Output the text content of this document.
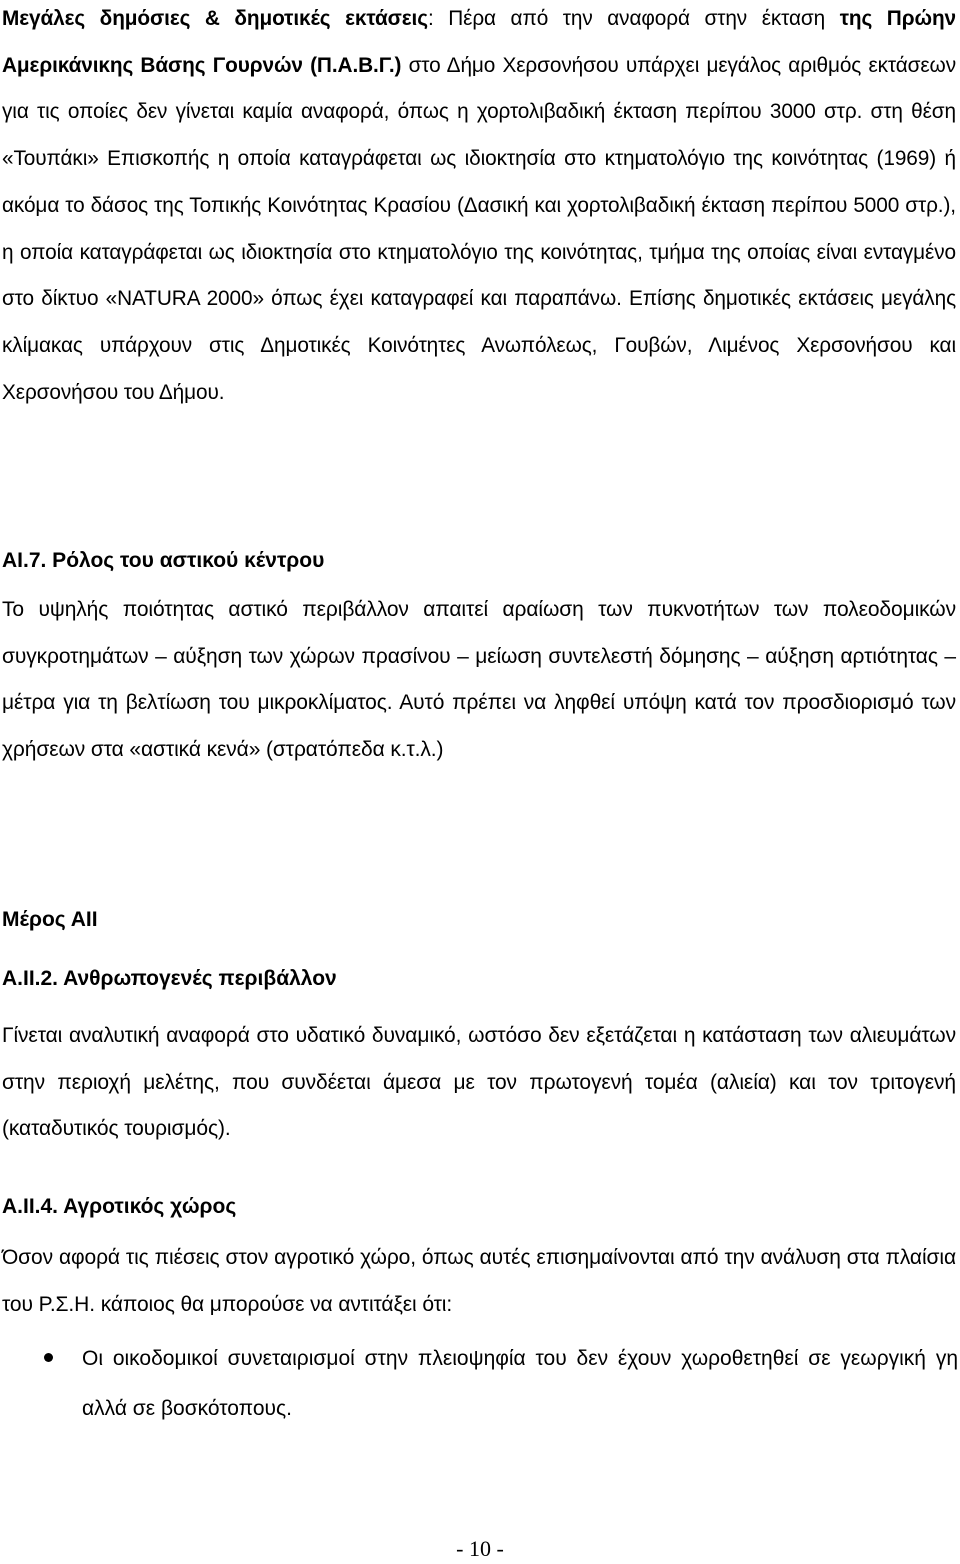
Μεγάλες δημόσιες & δημοτικές εκτάσεις: Πέρα από την αναφορά στην έκταση της Πρώην Αμερικάνικης Βάσης Γουρνών (Π.Α.Β.Γ.) στο Δήμο Χερσονήσου υπάρχει μεγάλος αριθμός εκτάσεων για τις οποίες δεν γίνεται καμία αναφορά, όπως η χορτολιβαδική έκταση περίπου 3000 στρ. στη θέση «Τουπάκι» Επισκοπής η οποία καταγράφεται ως ιδιοκτησία στο κτηματολόγιο της κοινότητας (1969) ή ακόμα το δάσος της Τοπικής Κοινότητας Κρασίου (Δασική και χορτολιβαδική έκταση περίπου 5000 στρ.), η οποία καταγράφεται ως ιδιοκτησία στο κτηματολόγιο της κοινότητας, τμήμα της οποίας είναι ενταγμένο στο δίκτυο «NATURA 2000» όπως έχει καταγραφεί και παραπάνω. Επίσης δημοτικές εκτάσεις μεγάλης κλίμακας υπάρχουν στις Δημοτικές Κοινότητες Ανωπόλεως, Γουβών, Λιμένος Χερσονήσου και Χερσονήσου του Δήμου.

ΑΙ.7. Ρόλος του αστικού κέντρου

Το υψηλής ποιότητας αστικό περιβάλλον απαιτεί αραίωση των πυκνοτήτων των πολεοδομικών συγκροτημάτων – αύξηση των χώρων πρασίνου – μείωση συντελεστή δόμησης – αύξηση αρτιότητας – μέτρα για τη βελτίωση του μικροκλίματος. Αυτό πρέπει να ληφθεί υπόψη κατά τον προσδιορισμό των χρήσεων στα «αστικά κενά» (στρατόπεδα κ.τ.λ.)

Μέρος ΑΙΙ
Α.ΙΙ.2. Ανθρωπογενές περιβάλλον

Γίνεται αναλυτική αναφορά στο υδατικό δυναμικό, ωστόσο δεν εξετάζεται η κατάσταση των αλιευμάτων στην περιοχή μελέτης, που συνδέεται άμεσα με τον πρωτογενή τομέα (αλιεία) και τον τριτογενή (καταδυτικός τουρισμός).

Α.ΙΙ.4. Αγροτικός χώρος

Όσον αφορά τις πιέσεις στον αγροτικό χώρο, όπως αυτές επισημαίνονται από την ανάλυση στα πλαίσια του Ρ.Σ.Η. κάποιος θα μπορούσε να αντιτάξει ότι:

Οι οικοδομικοί συνεταιρισμοί στην πλειοψηφία του δεν έχουν χωροθετηθεί σε γεωργική γη αλλά σε βοσκότοπους.

- 10 -
